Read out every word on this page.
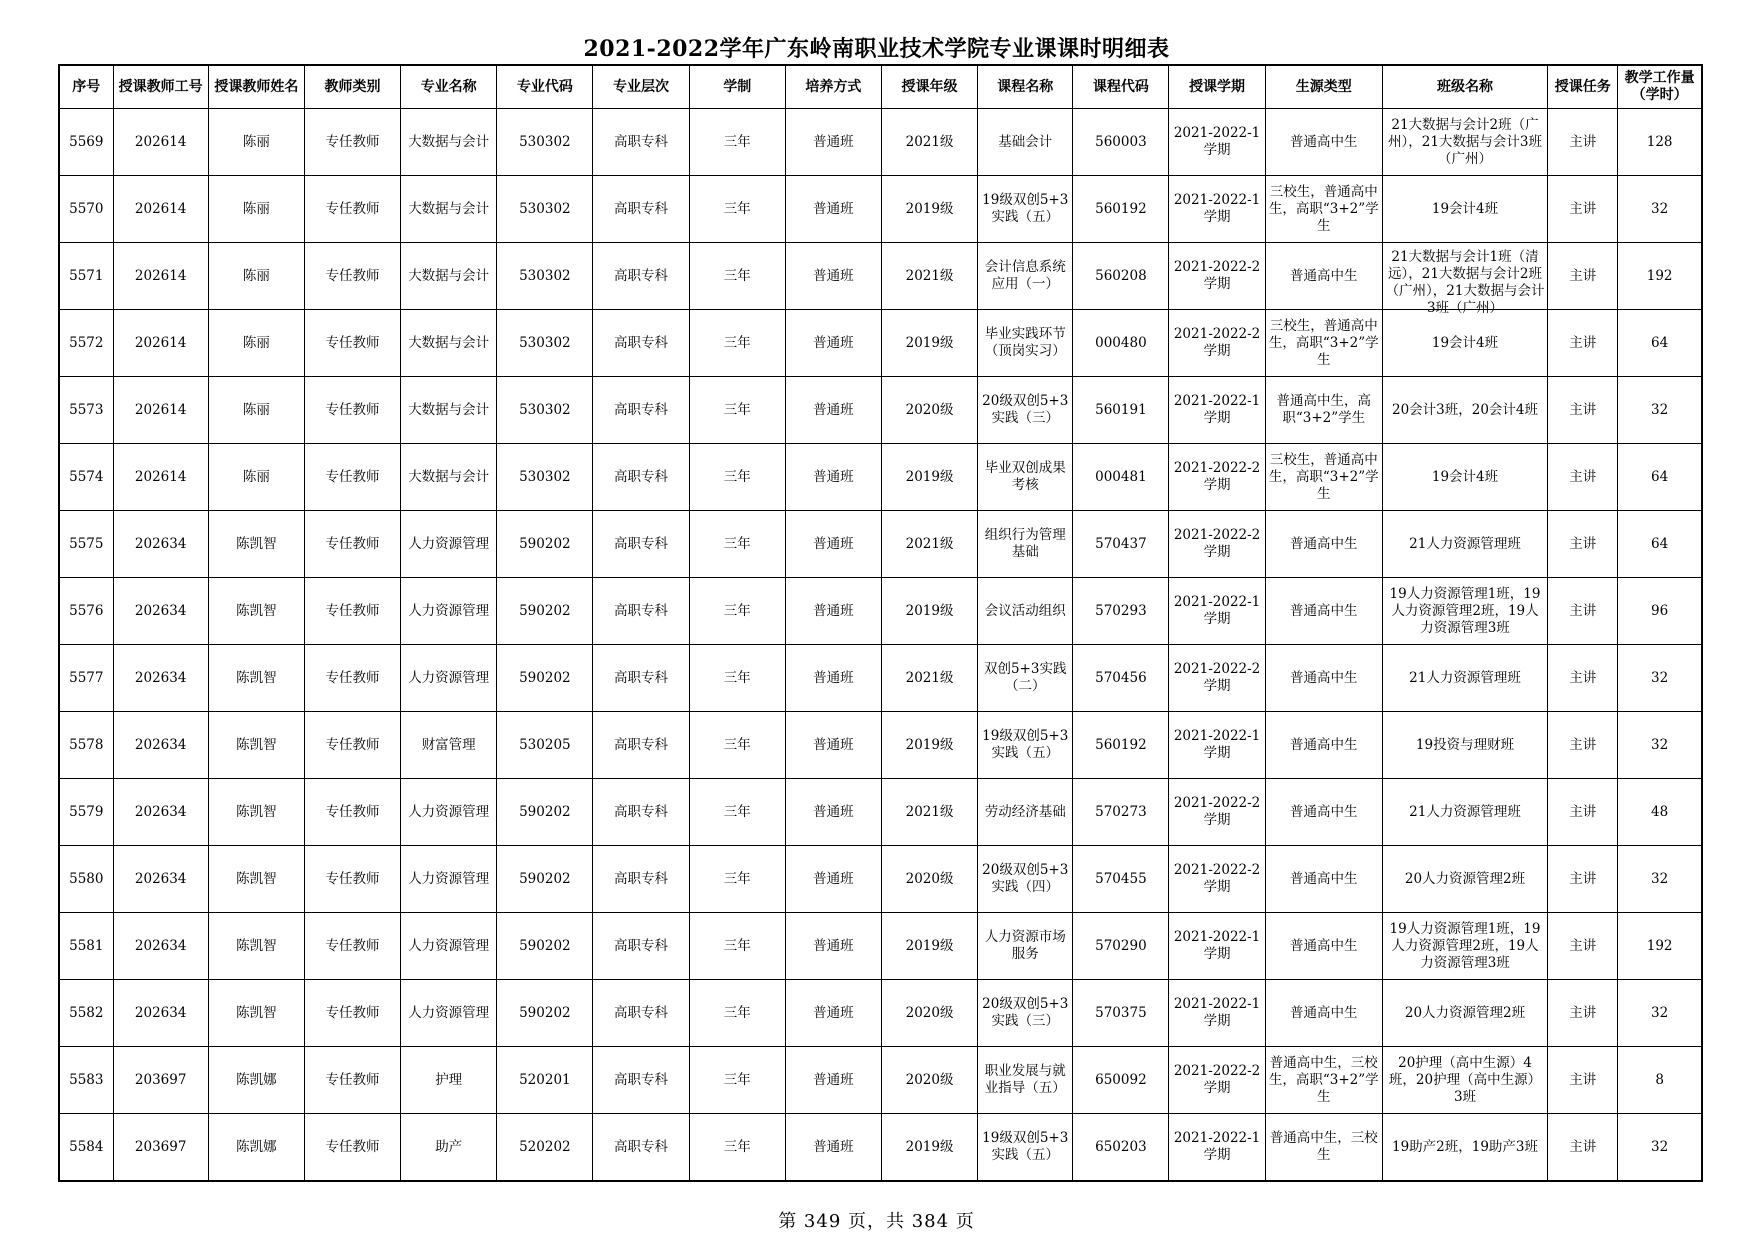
2021-2022学年广东岭南职业技术学院专业课课时明细表
序号	授课教师工号	授课教师姓名	教师类别	专业名称	专业代码	专业层次	学制	培养方式	授课年级	课程名称	课程代码	授课学期	生源类型	班级名称	授课任务	教学工作量（学时）

5569	202614	陈丽	专任教师	大数据与会计	530302	高职专科	三年	普通班	2021级	基础会计	560003	2021-2022-1学期	普通高中生	21大数据与会计2班（广州），21大数据与会计3班（广州）	主讲	128

5570	202614	陈丽	专任教师	大数据与会计	530302	高职专科	三年	普通班	2019级	19级双创5+3实践（五）	560192	2021-2022-1学期	三校生，普通高中生，高职“3+2”学生	19会计4班	主讲	32

5571	202614	陈丽	专任教师	大数据与会计	530302	高职专科	三年	普通班	2021级	会计信息系统应用（一）	560208	2021-2022-2学期	普通高中生	21大数据与会计1班（清远），21大数据与会计2班（广州），21大数据与会计3班（广州）	主讲	192

5572	202614	陈丽	专任教师	大数据与会计	530302	高职专科	三年	普通班	2019级	毕业实践环节（顶岗实习）	000480	2021-2022-2学期	三校生，普通高中生，高职“3+2”学生	19会计4班	主讲	64

5573	202614	陈丽	专任教师	大数据与会计	530302	高职专科	三年	普通班	2020级	20级双创5+3实践（三）	560191	2021-2022-1学期	普通高中生，高职“3+2”学生	20会计3班，20会计4班	主讲	32

5574	202614	陈丽	专任教师	大数据与会计	530302	高职专科	三年	普通班	2019级	毕业双创成果考核	000481	2021-2022-2学期	三校生，普通高中生，高职“3+2”学生	19会计4班	主讲	64

5575	202634	陈凯智	专任教师	人力资源管理	590202	高职专科	三年	普通班	2021级	组织行为管理基础	570437	2021-2022-2学期	普通高中生	21人力资源管理班	主讲	64

5576	202634	陈凯智	专任教师	人力资源管理	590202	高职专科	三年	普通班	2019级	会议活动组织	570293	2021-2022-1学期	普通高中生	19人力资源管理1班，19人力资源管理2班，19人力资源管理3班	主讲	96

5577	202634	陈凯智	专任教师	人力资源管理	590202	高职专科	三年	普通班	2021级	双创5+3实践（二）	570456	2021-2022-2学期	普通高中生	21人力资源管理班	主讲	32

5578	202634	陈凯智	专任教师	财富管理	530205	高职专科	三年	普通班	2019级	19级双创5+3实践（五）	560192	2021-2022-1学期	普通高中生	19投资与理财班	主讲	32

5579	202634	陈凯智	专任教师	人力资源管理	590202	高职专科	三年	普通班	2021级	劳动经济基础	570273	2021-2022-2学期	普通高中生	21人力资源管理班	主讲	48

5580	202634	陈凯智	专任教师	人力资源管理	590202	高职专科	三年	普通班	2020级	20级双创5+3实践（四）	570455	2021-2022-2学期	普通高中生	20人力资源管理2班	主讲	32

5581	202634	陈凯智	专任教师	人力资源管理	590202	高职专科	三年	普通班	2019级	人力资源市场服务	570290	2021-2022-1学期	普通高中生	19人力资源管理1班，19人力资源管理2班，19人力资源管理3班	主讲	192

5582	202634	陈凯智	专任教师	人力资源管理	590202	高职专科	三年	普通班	2020级	20级双创5+3实践（三）	570375	2021-2022-1学期	普通高中生	20人力资源管理2班	主讲	32

5583	203697	陈凯娜	专任教师	护理	520201	高职专科	三年	普通班	2020级	职业发展与就业指导（五）	650092	2021-2022-2学期	普通高中生，三校生，高职“3+2”学生	20护理（高中生源）4班，20护理（高中生源）3班	主讲	8

5584	203697	陈凯娜	专任教师	助产	520202	高职专科	三年	普通班	2019级	19级双创5+3实践（五）	650203	2021-2022-1学期	普通高中生，三校生	19助产2班，19助产3班	主讲	32
第 349 页，共 384 页
